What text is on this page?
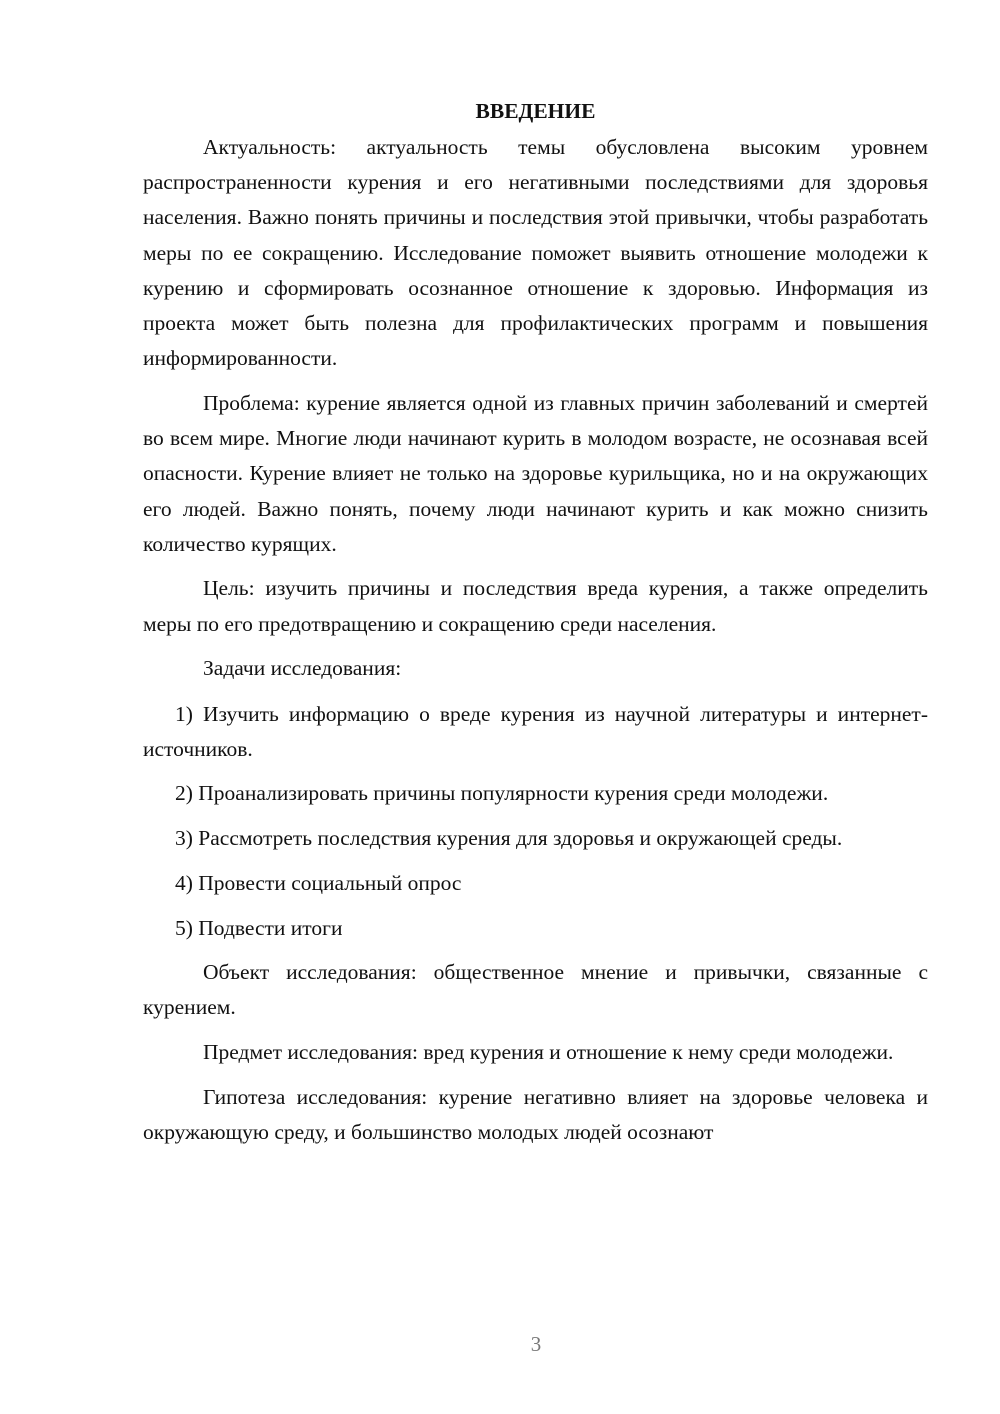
ВВЕДЕНИЕ

Актуальность: актуальность темы обусловлена высоким уровнем распространенности курения и его негативными последствиями для здоровья населения. Важно понять причины и последствия этой привычки, чтобы разработать меры по ее сокращению. Исследование поможет выявить отношение молодежи к курению и сформировать осознанное отношение к здоровью. Информация из проекта может быть полезна для профилактических программ и повышения информированности.

Проблема: курение является одной из главных причин заболеваний и смертей во всем мире. Многие люди начинают курить в молодом возрасте, не осознавая всей опасности. Курение влияет не только на здоровье курильщика, но и на окружающих его людей. Важно понять, почему люди начинают курить и как можно снизить количество курящих.

Цель: изучить причины и последствия вреда курения, а также определить меры по его предотвращению и сокращению среди населения.

Задачи исследования:

1) Изучить информацию о вреде курения из научной литературы и интернет-источников.

2) Проанализировать причины популярности курения среди молодежи.

3) Рассмотреть последствия курения для здоровья и окружающей среды.

4) Провести социальный опрос

5) Подвести итоги

Объект исследования: общественное мнение и привычки, связанные с курением.

Предмет исследования: вред курения и отношение к нему среди молодежи.

Гипотеза исследования: курение негативно влияет на здоровье человека и окружающую среду, и большинство молодых людей осознают

3
